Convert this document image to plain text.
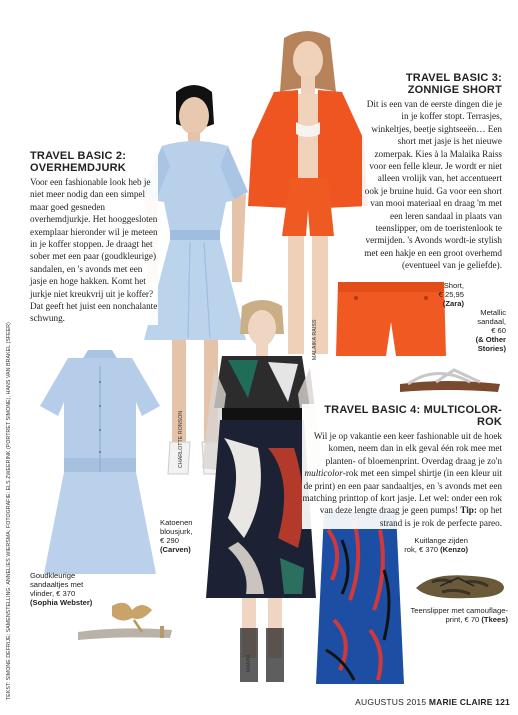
TRAVEL BASIC 3:
ZONNIGE SHORT

Dit is een van de eerste dingen die je in je koffer stopt. Terrasjes, winkeltjes, beetje sightseeën… Een short met jasje is het nieuwe zomerpak. Kies à la Malaika Raiss voor een felle kleur. Je wordt er niet alleen vrolijk van, het accentueert ook je bruine huid. Ga voor een short van mooi materiaal en draag 'm met een leren sandaal in plaats van teenslipper, om de toeristenlook te vermijden. 's Avonds wordt-ie stylish met een hakje en een groot overhemd (eventueel van je geliefde).

TRAVEL BASIC 2:
OVERHEMDJURK

Voor een fashionable look heb je niet meer nodig dan een simpel maar goed gesneden overhemdjurkje. Het hooggesloten exemplaar hieronder wil je meteen in je koffer stoppen. Je draagt het sober met een paar (goudkleurige) sandalen, en 's avonds met een jasje en hoge hakken. Komt het jurkje niet kreukvrij uit je koffer? Dat geeft het juist een nonchalante schwung.

TRAVEL BASIC 4: MULTICOLOR-ROK

Wil je op vakantie een keer fashionable uit de hoek komen, neem dan in elk geval één rok mee met planten- of bloemenprint. Overdag draag je zo'n multicolor-rok met een simpel shirtje (in een kleur uit de print) en een paar sandaaltjes, en 's avonds met een matching printtop of kort jasje. Let wel: onder een rok van deze lengte draag je geen pumps! Tip: op het strand is je rok de perfecte pareo.

Short,
€ 25,95
(Zara)
Metallic
sandaal,
€ 60
(& Other
Stories)
Katoenen
blousjurk,
€ 290
(Carven)
Goudkleurige
sandaaltjes met
vlinder, € 370
(Sophia Webster)
Kuitlange zijden
rok, € 370 (Kenzo)
Teenslipper met camouflage-
print, € 70 (Tkees)
TEKST: SIMONE DEFRIJE; SAMENSTELLING: ANNELIES WIERSMA; FOTOGRAFIE: ELS ZWEERINK (PORTRET SIMONE), HANS VAN BRAKEL (SFEER)	CHARLOTTE RONSON
MALAIKA RAISS
MARNI
AUGUSTUS 2015 MARIE CLAIRE 121
